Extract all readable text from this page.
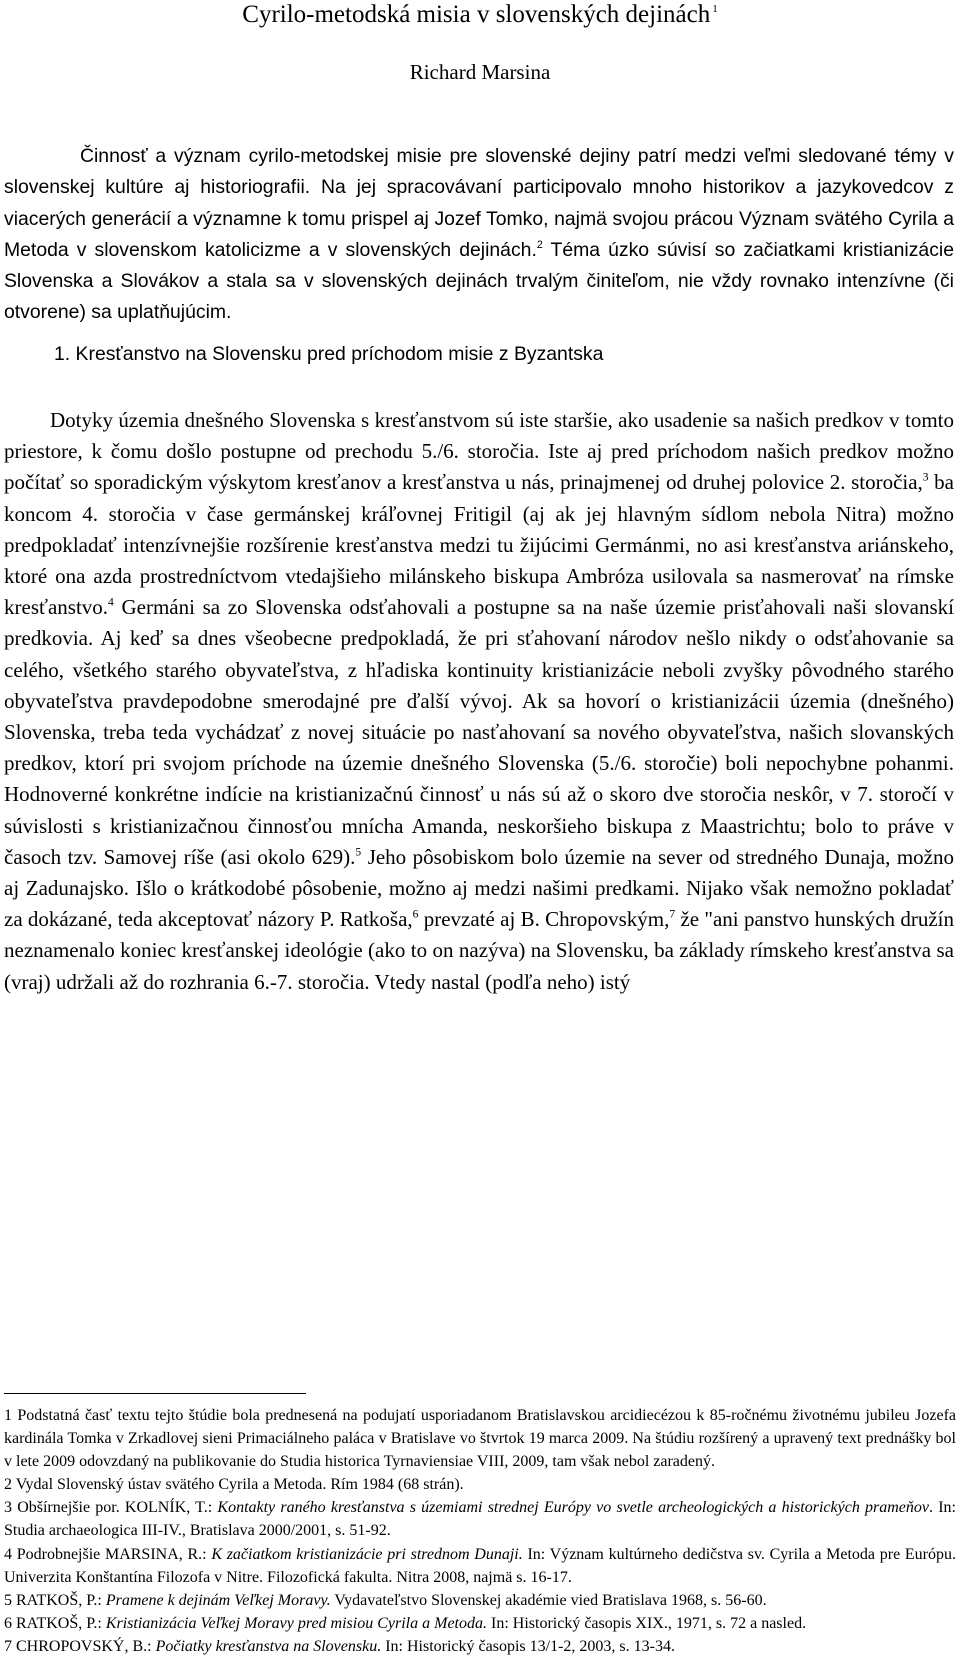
Cyrilo-metodská misia v slovenských dejinách $^1$
Richard Marsina

Činnosť a význam cyrilo-metodskej misie pre slovenské dejiny patrí medzi veľmi sledované témy v slovenskej kultúre aj historiografii. Na jej spracovávaní participovalo mnoho historikov a jazykovedcov z viacerých generácií a významne k tomu prispel aj Jozef Tomko, najmä svojou prácou Význam svätého Cyrila a Metoda v slovenskom katolicizme a v slovenských dejinách.$^2$ Téma úzko súvisí so začiatkami kristianizácie Slovenska a Slovákov a stala sa v slovenských dejinách trvalým činiteľom, nie vždy rovnako intenzívne (či otvorene) sa uplatňujúcim.

1. Kresťanstvo na Slovensku pred príchodom misie z Byzantska

Dotyky územia dnešného Slovenska s kresťanstvom sú iste staršie, ako usadenie sa našich predkov v tomto priestore, k čomu došlo postupne od prechodu 5./6. storočia. Iste aj pred príchodom našich predkov možno počítať so sporadickým výskytom kresťanov a kresťanstva u nás, prinajmenej od druhej polovice 2. storočia,$^3$ ba koncom 4. storočia v čase germánskej kráľovnej Fritigil (aj ak jej hlavným sídlom nebola Nitra) možno predpokladať intenzívnejšie rozšírenie kresťanstva medzi tu žijúcimi Germánmi, no asi kresťanstva ariánskeho, ktoré ona azda prostredníctvom vtedajšieho milánskeho biskupa Ambróza usilovala sa nasmerovať na rímske kresťanstvo.$^4$ Germáni sa zo Slovenska odsťahovali a postupne sa na naše územie prisťahovali naši slovanskí predkovia. Aj keď sa dnes všeobecne predpokladá, že pri sťahovaní národov nešlo nikdy o odsťahovanie sa celého, všetkého starého obyvateľstva, z hľadiska kontinuity kristianizácie neboli zvyšky pôvodného starého obyvateľstva pravdepodobne smerodajné pre ďalší vývoj. Ak sa hovorí o kristianizácii územia (dnešného) Slovenska, treba teda vychádzať z novej situácie po nasťahovaní sa nového obyvateľstva, našich slovanských predkov, ktorí pri svojom príchode na územie dnešného Slovenska (5./6. storočie) boli nepochybne pohanmi. Hodnoverné konkrétne indície na kristianizačnú činnosť u nás sú až o skoro dve storočia neskôr, v 7. storočí v súvislosti s kristianizačnou činnosťou mnícha Amanda, neskoršieho biskupa z Maastrichtu; bolo to práve v časoch tzv. Samovej ríše (asi okolo 629).$^5$ Jeho pôsobiskom bolo územie na sever od stredného Dunaja, možno aj Zadunajsko. Išlo o krátkodobé pôsobenie, možno aj medzi našimi predkami. Nijako však nemožno pokladať za dokázané, teda akceptovať názory P. Ratkoša,$^6$ prevzaté aj B. Chropovským,$^7$ že "ani panstvo hunských družín neznamenalo koniec kresťanskej ideológie (ako to on nazýva) na Slovensku, ba základy rímskeho kresťanstva sa (vraj) udržali až do rozhrania 6.-7. storočia. Vtedy nastal (podľa neho) istý

1 Podstatná časť textu tejto štúdie bola prednesená na podujatí usporiadanom Bratislavskou arcidiecézou k 85-ročnému životnému jubileu Jozefa kardinála Tomka v Zrkadlovej sieni Primaciálneho paláca v Bratislave vo štvrtok 19 marca 2009. Na štúdiu rozšírený a upravený text prednášky bol v lete 2009 odovzdaný na publikovanie do Studia historica Tyrnaviensiae VIII, 2009, tam však nebol zaradený.

2 Vydal Slovenský ústav svätého Cyrila a Metoda. Rím 1984 (68 strán).

3 Obšírnejšie por. KOLNÍK, T.: Kontakty raného kresťanstva s územiami strednej Európy vo svetle archeologických a historických prameňov. In: Studia archaeologica III-IV., Bratislava 2000/2001, s. 51-92.

4 Podrobnejšie MARSINA, R.: K začiatkom kristianizácie pri strednom Dunaji. In: Význam kultúrneho dedičstva sv. Cyrila a Metoda pre Európu. Univerzita Konštantína Filozofa v Nitre. Filozofická fakulta. Nitra 2008, najmä s. 16-17.

5 RATKOŠ, P.: Pramene k dejinám Veľkej Moravy. Vydavateľstvo Slovenskej akadémie vied Bratislava 1968, s. 56-60.

6 RATKOŠ, P.: Kristianizácia Veľkej Moravy pred misiou Cyrila a Metoda. In: Historický časopis XIX., 1971, s. 72 a nasled.

7 CHROPOVSKÝ, B.: Počiatky kresťanstva na Slovensku. In: Historický časopis 13/1-2, 2003, s. 13-34.
